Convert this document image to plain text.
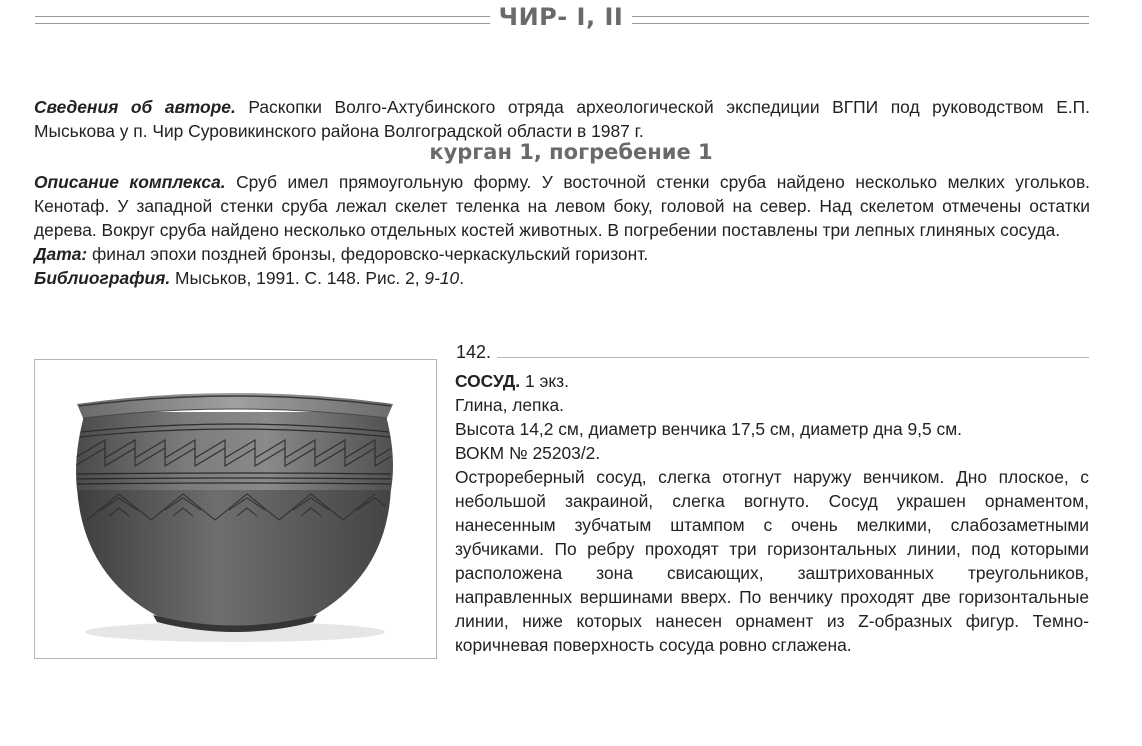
ЧИР- I, II

Сведения об авторе. Раскопки Волго-Ахтубинского отряда археологической экспедиции ВГПИ под руководством Е.П. Мыськова у п. Чир Суровикинского района Волгоградской области в 1987 г.

курган 1, погребение 1

Описание комплекса. Сруб имел прямоугольную форму. У восточной стенки сруба найдено несколько мелких угольков. Кенотаф. У западной стенки сруба лежал скелет теленка на левом боку, головой на север. Над скелетом отмечены остатки дерева. Вокруг сруба найдено несколько отдельных костей животных. В погребении поставлены три лепных глиняных сосуда.

Дата: финал эпохи поздней бронзы, федоровско-черкаскульский горизонт.

Библиография. Мыськов, 1991. С. 148. Рис. 2, 9-10.

142.

СОСУД. 1 экз.

Глина, лепка.

Высота 14,2 см, диаметр венчика 17,5 см, диаметр дна 9,5 см.

ВОКМ № 25203/2.

Острореберный сосуд, слегка отогнут наружу венчиком. Дно плоское, с небольшой закраиной, слегка вогнуто. Сосуд украшен орнаментом, нанесенным зубчатым штампом с очень мелкими, слабозаметными зубчиками. По ребру проходят три горизонтальных линии, под которыми расположена зона свисающих, заштрихованных треугольников, направленных вершинами вверх. По венчику проходят две горизонтальные линии, ниже которых нанесен орнамент из Z-образных фигур. Темно-коричневая поверхность сосуда ровно сглажена.
